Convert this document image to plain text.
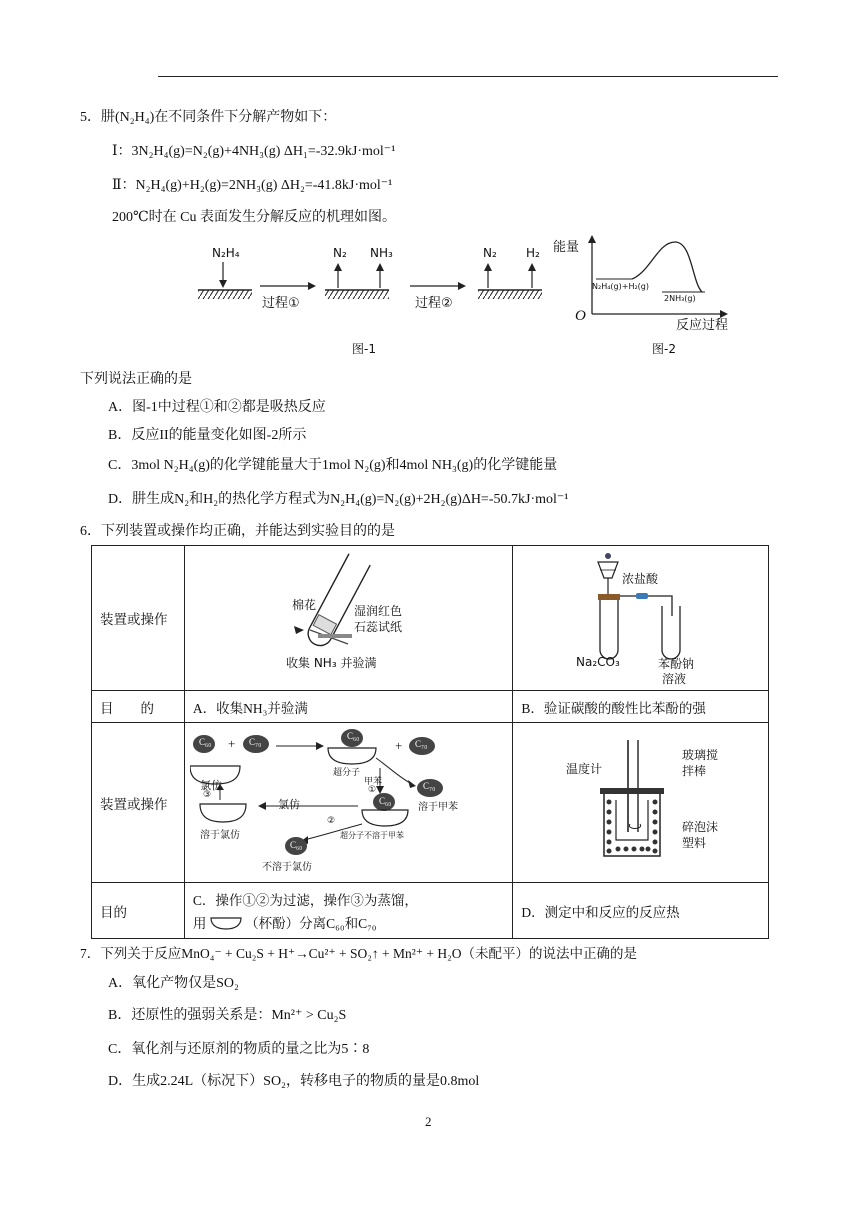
5．肼(N₂H₄)在不同条件下分解产物如下：
Ⅰ：3N₂H₄(g)=N₂(g)+4NH₃(g) ΔH₁=-32.9kJ·mol⁻¹
Ⅱ：N₂H₄(g)+H₂(g)=2NH₃(g) ΔH₂=-41.8kJ·mol⁻¹
200℃时在 Cu 表面发生分解反应的机理如图。
N₂H₄	N₂ NH₃	N₂ H₂
过程①	过程②
图-1
能量
O
反应过程
N₂H₄(g)+H₂(g)
2NH₃(g)
图-2
下列说法正确的是
A．图-1中过程①和②都是吸热反应
B．反应II的能量变化如图-2所示
C．3mol N₂H₄(g)的化学键能量大于1mol N₂(g)和4mol NH₃(g)的化学键能量
D．肼生成N₂和H₂的热化学方程式为N₂H₄(g)=N₂(g)+2H₂(g)ΔH=-50.7kJ·mol⁻¹
6．下列装置或操作均正确，并能达到实验目的的是
装置或操作		
目　　的	A．收集NH₃并验满	B．验证碳酸的酸性比苯酚的强
装置或操作		
目的	C．操作①②为过滤，操作③为蒸馏，
用 （杯酚）分离C₆₀和C₇₀	D．测定中和反应的反应热
棉花	湿润红色
石蕊试纸
收集 NH₃ 并验满
浓盐酸
Na₂CO₃	苯酚钠
溶液
C₆₀ + C₇₀
C₆₀
+ C₇₀
超分子
甲苯
①	C₇₀
溶于甲苯
氯仿
③
氯仿	C₆₀
②
溶于氯仿	超分子不溶于甲苯
C₆₀
不溶于氯仿
温度计
玻璃搅
拌棒
碎泡沫
塑料
7．下列关于反应MnO₄⁻ + Cu₂S + H⁺→Cu²⁺ + SO₂↑ + Mn²⁺ + H₂O（未配平）的说法中正确的是
A．氧化产物仅是SO₂
B．还原性的强弱关系是：Mn²⁺ > Cu₂S
C．氧化剂与还原剂的物质的量之比为5∶8
D．生成2.24L（标况下）SO₂，转移电子的物质的量是0.8mol
2
